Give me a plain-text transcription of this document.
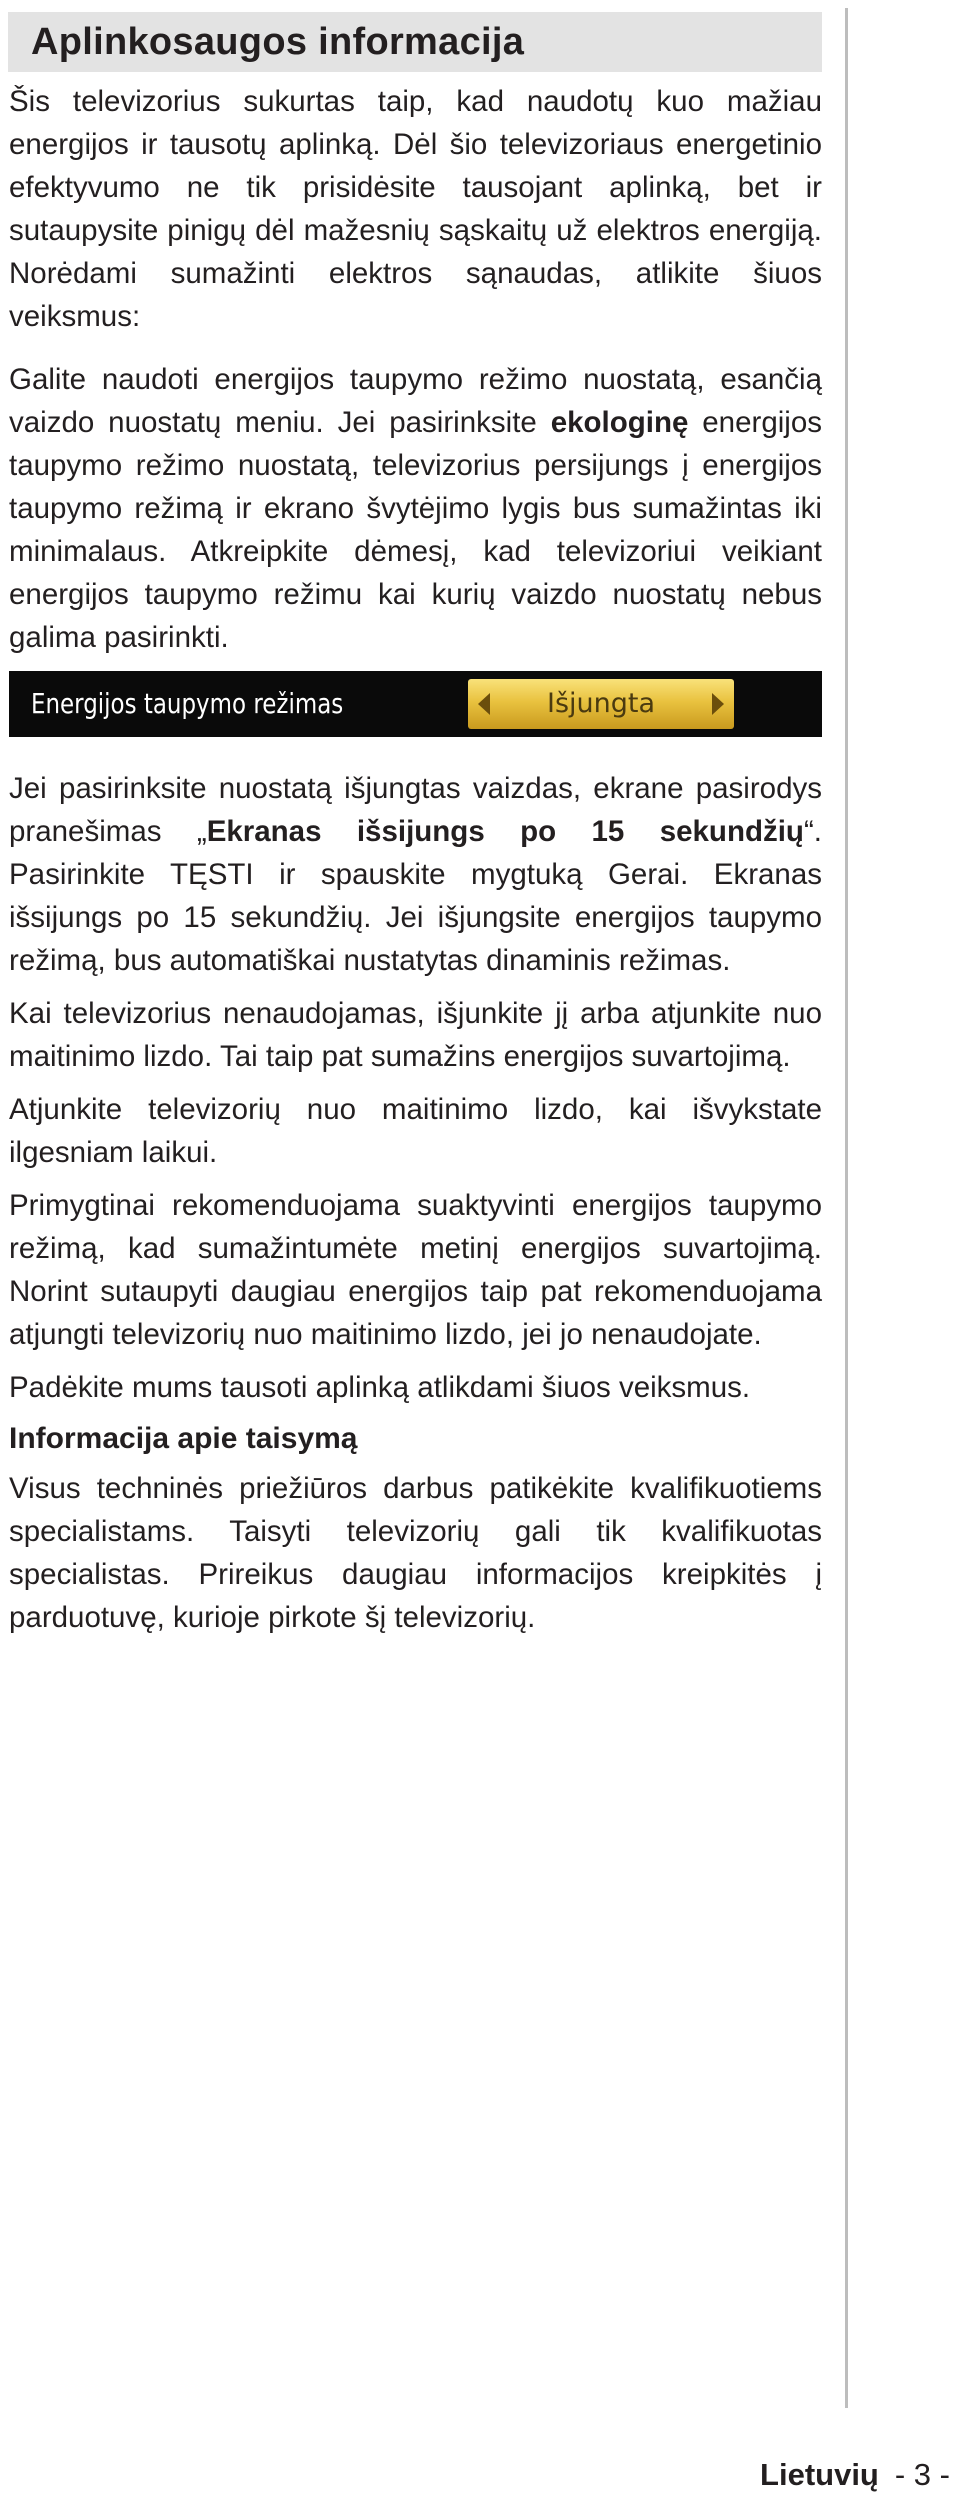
Aplinkosaugos informacija

Šis televizorius sukurtas taip, kad naudotų kuo mažiau energijos ir tausotų aplinką. Dėl šio televizoriaus energetinio efektyvumo ne tik prisidėsite tausojant aplinką, bet ir sutaupysite pinigų dėl mažesnių sąskaitų už elektros energiją. Norėdami sumažinti elektros sąnaudas, atlikite šiuos veiksmus:

Galite naudoti energijos taupymo režimo nuostatą, esančią vaizdo nuostatų meniu. Jei pasirinksite ekologinę energijos taupymo režimo nuostatą, televizorius persijungs į energijos taupymo režimą ir ekrano švytėjimo lygis bus sumažintas iki minimalaus. Atkreipkite dėmesį, kad televizoriui veikiant energijos taupymo režimu kai kurių vaizdo nuostatų nebus galima pasirinkti.

Energijos taupymo režimas	Išjungta

Jei pasirinksite nuostatą išjungtas vaizdas, ekrane pasirodys pranešimas „Ekranas išsijungs po 15 sekundžių“. Pasirinkite TĘSTI ir spauskite mygtuką Gerai. Ekranas išsijungs po 15 sekundžių. Jei išjungsite energijos taupymo režimą, bus automatiškai nustatytas dinaminis režimas.

Kai televizorius nenaudojamas, išjunkite jį arba atjunkite nuo maitinimo lizdo. Tai taip pat sumažins energijos suvartojimą.

Atjunkite televizorių nuo maitinimo lizdo, kai išvykstate ilgesniam laikui.

Primygtinai rekomenduojama suaktyvinti energijos taupymo režimą, kad sumažintumėte metinį energijos suvartojimą. Norint sutaupyti daugiau energijos taip pat rekomenduojama atjungti televizorių nuo maitinimo lizdo, jei jo nenaudojate.

Padėkite mums tausoti aplinką atlikdami šiuos veiksmus.

Informacija apie taisymą

Visus techninės priežiūros darbus patikėkite kvalifikuotiems specialistams. Taisyti televizorių gali tik kvalifikuotas specialistas. Prireikus daugiau informacijos kreipkitės į parduotuvę, kurioje pirkote šį televizorių.

Lietuvių - 3 -
